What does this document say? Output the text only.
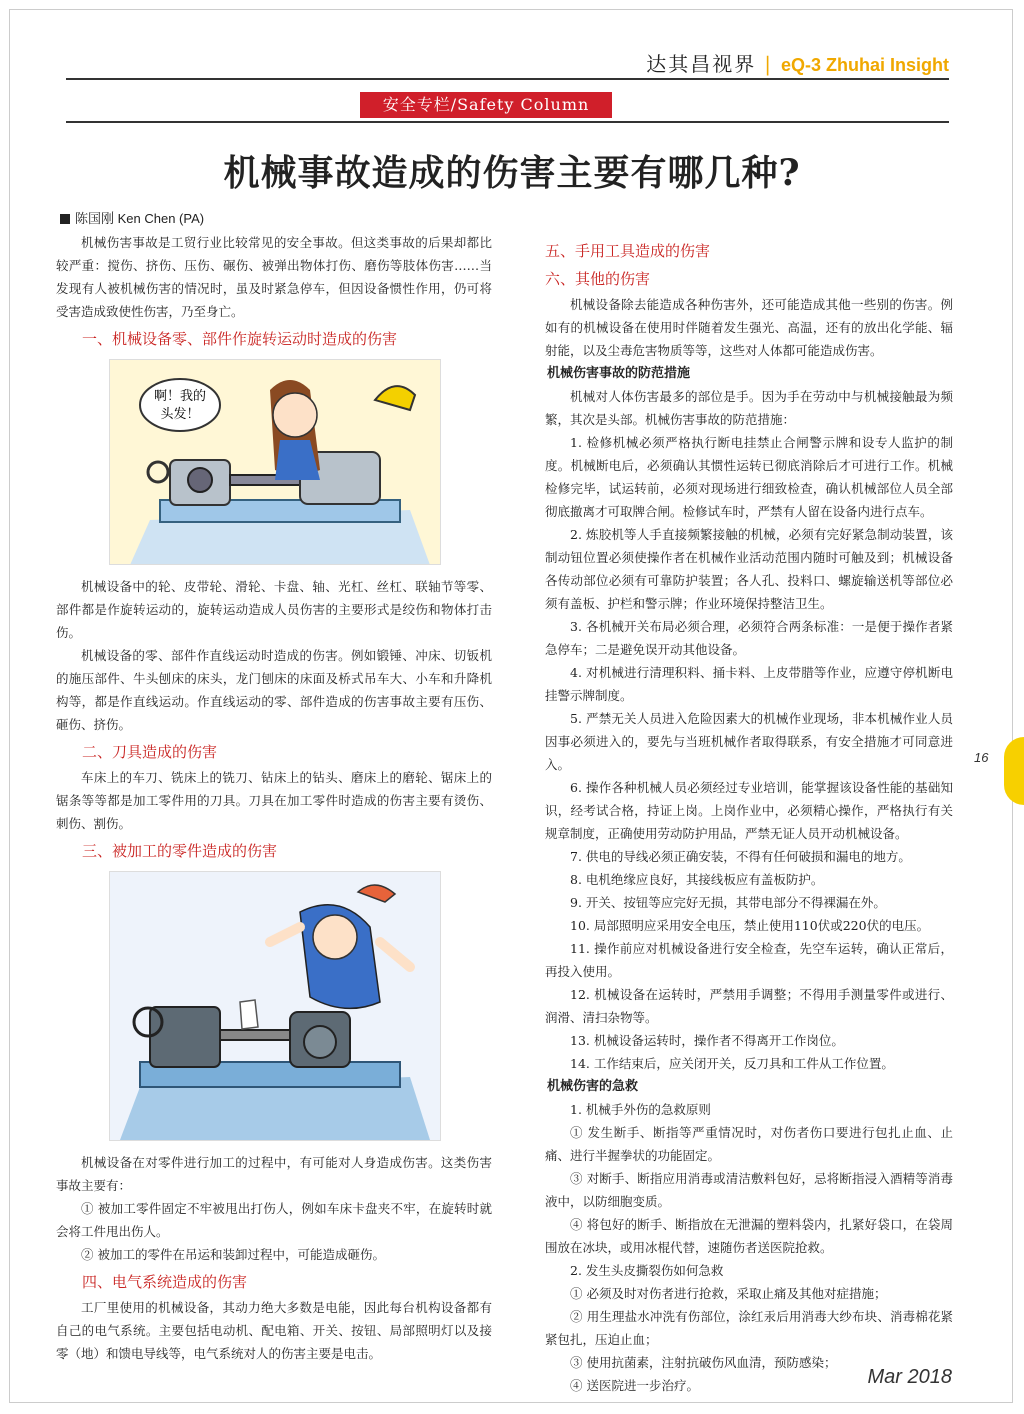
达其昌视界 | eQ-3 Zhuhai Insight
安全专栏/Safety Column
机械事故造成的伤害主要有哪几种?
陈国刚 Ken Chen (PA)

机械伤害事故是工贸行业比较常见的安全事故。但这类事故的后果却都比较严重：搅伤、挤伤、压伤、碾伤、被弹出物体打伤、磨伤等肢体伤害……当发现有人被机械伤害的情况时，虽及时紧急停车，但因设备惯性作用，仍可将受害造成致使性伤害，乃至身亡。

一、机械设备零、部件作旋转运动时造成的伤害
啊！我的
头发！

机械设备中的轮、皮带轮、滑轮、卡盘、轴、光杠、丝杠、联轴节等零、部件都是作旋转运动的，旋转运动造成人员伤害的主要形式是绞伤和物体打击伤。

机械设备的零、部件作直线运动时造成的伤害。例如锻锤、冲床、切钣机的施压部件、牛头刨床的床头，龙门刨床的床面及桥式吊车大、小车和升降机构等，都是作直线运动。作直线运动的零、部件造成的伤害事故主要有压伤、砸伤、挤伤。

二、刀具造成的伤害

车床上的车刀、铣床上的铣刀、钻床上的钻头、磨床上的磨轮、锯床上的锯条等等都是加工零件用的刀具。刀具在加工零件时造成的伤害主要有烫伤、刺伤、割伤。

三、被加工的零件造成的伤害

机械设备在对零件进行加工的过程中，有可能对人身造成伤害。这类伤害事故主要有：

① 被加工零件固定不牢被甩出打伤人，例如车床卡盘夹不牢，在旋转时就会将工件甩出伤人。

② 被加工的零件在吊运和装卸过程中，可能造成砸伤。

四、电气系统造成的伤害

工厂里使用的机械设备，其动力绝大多数是电能，因此每台机构设备都有自己的电气系统。主要包括电动机、配电箱、开关、按钮、局部照明灯以及接零（地）和馈电导线等，电气系统对人的伤害主要是电击。

五、手用工具造成的伤害
六、其他的伤害

机械设备除去能造成各种伤害外，还可能造成其他一些别的伤害。例如有的机械设备在使用时伴随着发生强光、高温，还有的放出化学能、辐射能，以及尘毒危害物质等等，这些对人体都可能造成伤害。

机械伤害事故的防范措施

机械对人体伤害最多的部位是手。因为手在劳动中与机械接触最为频繁，其次是头部。机械伤害事故的防范措施：

1. 检修机械必须严格执行断电挂禁止合闸警示牌和设专人监护的制度。机械断电后，必须确认其惯性运转已彻底消除后才可进行工作。机械检修完毕，试运转前，必须对现场进行细致检查，确认机械部位人员全部彻底撤离才可取牌合闸。检修试车时，严禁有人留在设备内进行点车。

2. 炼胶机等人手直接频繁接触的机械，必须有完好紧急制动装置，该制动钮位置必须使操作者在机械作业活动范围内随时可触及到；机械设备各传动部位必须有可靠防护装置；各人孔、投料口、螺旋输送机等部位必须有盖板、护栏和警示牌；作业环境保持整洁卫生。

3. 各机械开关布局必须合理，必须符合两条标准：一是便于操作者紧急停车；二是避免误开动其他设备。

4. 对机械进行清理积料、捅卡料、上皮带腊等作业，应遵守停机断电挂警示牌制度。

5. 严禁无关人员进入危险因素大的机械作业现场，非本机械作业人员因事必须进入的，要先与当班机械作者取得联系，有安全措施才可同意进入。

6. 操作各种机械人员必须经过专业培训，能掌握该设备性能的基础知识，经考试合格，持证上岗。上岗作业中，必须精心操作，严格执行有关规章制度，正确使用劳动防护用品，严禁无证人员开动机械设备。

7. 供电的导线必须正确安装，不得有任何破损和漏电的地方。

8. 电机绝缘应良好，其接线板应有盖板防护。

9. 开关、按钮等应完好无损，其带电部分不得裸漏在外。

10. 局部照明应采用安全电压，禁止使用110伏或220伏的电压。

11. 操作前应对机械设备进行安全检查，先空车运转，确认正常后，再投入使用。

12. 机械设备在运转时，严禁用手调整；不得用手测量零件或进行、润滑、清扫杂物等。

13. 机械设备运转时，操作者不得离开工作岗位。

14. 工作结束后，应关闭开关，反刀具和工件从工作位置。

机械伤害的急救

1. 机械手外伤的急救原则

① 发生断手、断指等严重情况时，对伤者伤口要进行包扎止血、止痛、进行半握拳状的功能固定。

③ 对断手、断指应用消毒或清洁敷料包好，忌将断指浸入酒精等消毒液中，以防细胞变质。

④ 将包好的断手、断指放在无泄漏的塑料袋内，扎紧好袋口，在袋周围放在冰块，或用冰棍代替，速随伤者送医院抢救。

2. 发生头皮撕裂伤如何急救

① 必须及时对伤者进行抢救，采取止痛及其他对症措施；

② 用生理盐水冲洗有伤部位，涂红汞后用消毒大纱布块、消毒棉花紧紧包扎，压迫止血；

③ 使用抗菌素，注射抗破伤风血清，预防感染；

④ 送医院进一步治疗。

16
Mar 2018
